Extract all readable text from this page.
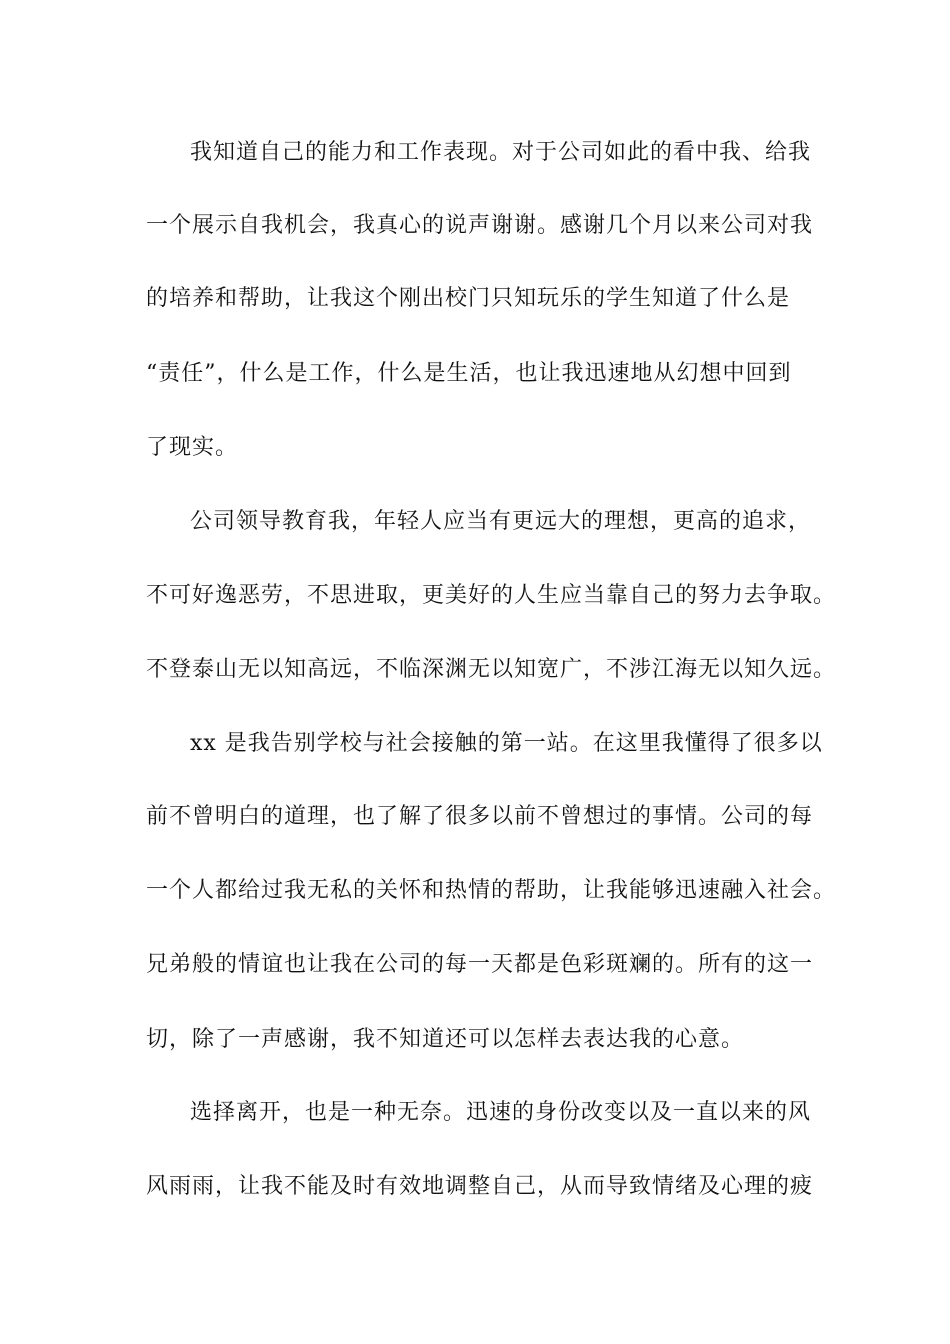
我知道自己的能力和工作表现。对于公司如此的看中我、给我
一个展示自我机会，我真心的说声谢谢。感谢几个月以来公司对我
的培养和帮助，让我这个刚出校门只知玩乐的学生知道了什么是
“责任”，什么是工作，什么是生活，也让我迅速地从幻想中回到
了现实。
公司领导教育我，年轻人应当有更远大的理想，更高的追求，
不可好逸恶劳，不思进取，更美好的人生应当靠自己的努力去争取。
不登泰山无以知高远，不临深渊无以知宽广，不涉江海无以知久远。
xx 是我告别学校与社会接触的第一站。在这里我懂得了很多以
前不曾明白的道理，也了解了很多以前不曾想过的事情。公司的每
一个人都给过我无私的关怀和热情的帮助，让我能够迅速融入社会。
兄弟般的情谊也让我在公司的每一天都是色彩斑斓的。所有的这一
切，除了一声感谢，我不知道还可以怎样去表达我的心意。
选择离开，也是一种无奈。迅速的身份改变以及一直以来的风
风雨雨，让我不能及时有效地调整自己，从而导致情绪及心理的疲
